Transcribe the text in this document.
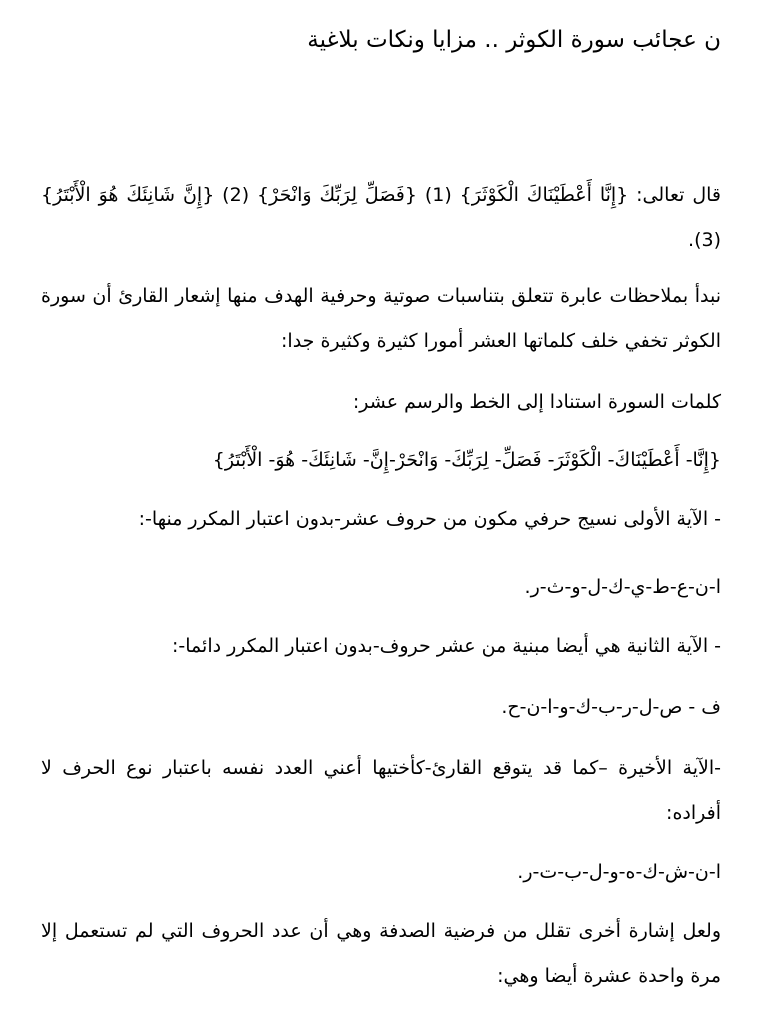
ن عجائب سورة الكوثر .. مزايا ونكات بلاغية
قال تعالى: {إِنَّا أَعْطَيْنَاكَ الْكَوْثَرَ} (1) {فَصَلِّ لِرَبِّكَ وَانْحَرْ} (2) {إِنَّ شَانِئَكَ هُوَ الْأَبْتَرُ} (3).
نبدأ بملاحظات عابرة تتعلق بتناسبات صوتية وحرفية الهدف منها إشعار القارئ أن سورة الكوثر تخفي خلف كلماتها العشر أمورا كثيرة وكثيرة جدا:
كلمات السورة استنادا إلى الخط والرسم عشر:
{إِنَّا- أَعْطَيْنَاكَ- الْكَوْثَرَ- فَصَلِّ- لِرَبِّكَ- وَانْحَرْ-إِنَّ- شَانِئَكَ- هُوَ- الْأَبْتَرُ}
- الآية الأولى نسيج حرفي مكون من حروف عشر-بدون اعتبار المكرر منها-:
ا-ن-ع-ط-ي-ك-ل-و-ث-ر.
- الآية الثانية هي أيضا مبنية من عشر حروف-بدون اعتبار المكرر دائما-:
ف - ص-ل-ر-ب-ك-و-ا-ن-ح.
-الآية الأخيرة –كما قد يتوقع القارئ-كأختيها أعني العدد نفسه باعتبار نوع الحرف لا أفراده:
ا-ن-ش-ك-ه-و-ل-ب-ت-ر.
ولعل إشارة أخرى تقلل من فرضية الصدفة وهي أن عدد الحروف التي لم تستعمل إلا مرة واحدة عشرة أيضا وهي:
